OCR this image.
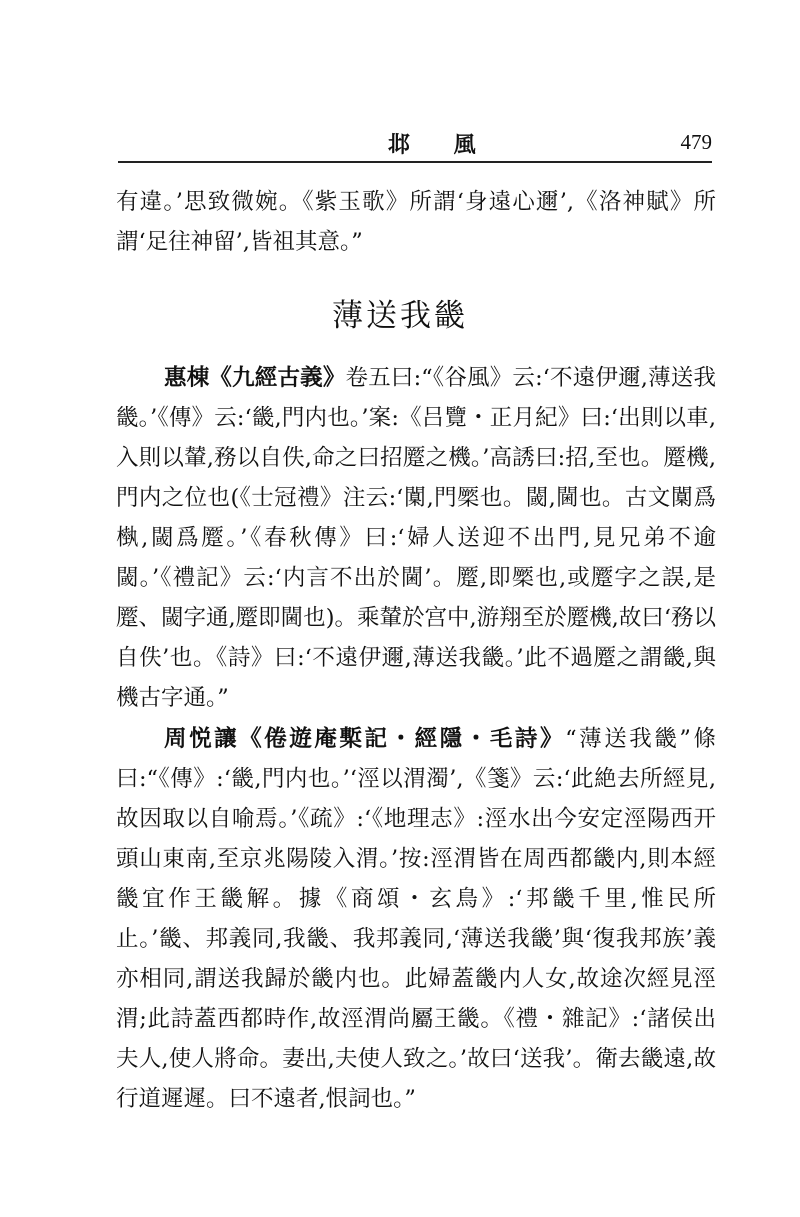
邶 風	479
有違。’思致微婉。《紫玉歌》所謂‘身遠心邇’,《洛神賦》所謂‘足往神留’,皆祖其意。”
薄送我畿
惠棟《九經古義》卷五曰:“《谷風》云:‘不遠伊邇,薄送我畿。’《傳》云:‘畿,門内也。’案:《吕覽・正月紀》曰:‘出則以車,入則以輦,務以自佚,命之曰招蹷之機。’高誘曰:招,至也。蹷機,門内之位也(《士冠禮》注云:‘闑,門橜也。閾,閫也。古文闑爲槸,閾爲蹷。’《春秋傳》曰:‘婦人送迎不出門,見兄弟不逾閾。’《禮記》云:‘内言不出於閫’。蹷,即橜也,或蹷字之誤,是蹷、閾字通,蹷即閫也)。乘輦於宫中,游翔至於蹷機,故曰‘務以自佚’也。《詩》曰:‘不遠伊邇,薄送我畿。’此不過蹷之謂畿,與機古字通。”
周悦讓《倦遊庵槧記・經隱・毛詩》“薄送我畿”條曰:“《傳》:‘畿,門内也。’‘涇以渭濁’,《箋》云:‘此絶去所經見,故因取以自喻焉。’《疏》:‘《地理志》:涇水出今安定涇陽西开頭山東南,至京兆陽陵入渭。’按:涇渭皆在周西都畿内,則本經畿宜作王畿解。據《商頌・玄鳥》:‘邦畿千里,惟民所止。’畿、邦義同,我畿、我邦義同,‘薄送我畿’與‘復我邦族’義亦相同,謂送我歸於畿内也。此婦蓋畿内人女,故途次經見涇渭;此詩蓋西都時作,故涇渭尚屬王畿。《禮・雜記》:‘諸侯出夫人,使人將命。妻出,夫使人致之。’故曰‘送我’。衛去畿遠,故行道遲遲。曰不遠者,恨詞也。”
